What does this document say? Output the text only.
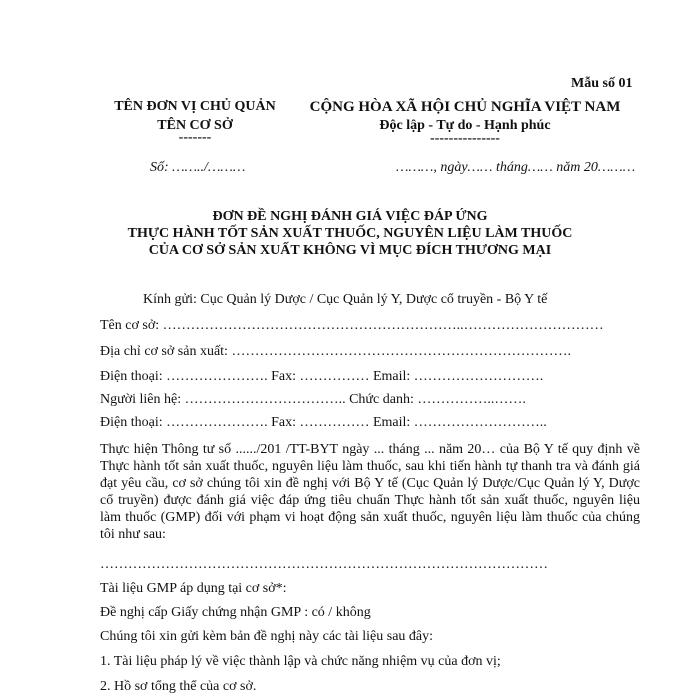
Mẫu số 01
TÊN ĐƠN VỊ CHỦ QUẢN
TÊN CƠ SỞ
-------
Số: ……../………
CỘNG HÒA XÃ HỘI CHỦ NGHĨA VIỆT NAM
Độc lập - Tự do - Hạnh phúc
---------------
………, ngày…… tháng…… năm 20………
ĐƠN ĐỀ NGHỊ ĐÁNH GIÁ VIỆC ĐÁP ỨNG
THỰC HÀNH TỐT SẢN XUẤT THUỐC, NGUYÊN LIỆU LÀM THUỐC
CỦA CƠ SỞ SẢN XUẤT KHÔNG VÌ MỤC ĐÍCH THƯƠNG MẠI
Kính gửi: Cục Quản lý Dược / Cục Quản lý Y, Dược cổ truyền - Bộ Y tế
Tên cơ sở: ………………………………………………………..…………………………
Địa chỉ cơ sở sản xuất: ……………………………………………………………….
Điện thoại: …………………. Fax: …………… Email: ……………………….
Người liên hệ: …………………………….. Chức danh: ……………..…….
Điện thoại: …………………. Fax: …………… Email: ………………………..
Thực hiện Thông tư số ....../201 /TT-BYT ngày ... tháng ... năm 20… của Bộ Y tế quy định về Thực hành tốt sản xuất thuốc, nguyên liệu làm thuốc, sau khi tiến hành tự thanh tra và đánh giá đạt yêu cầu, cơ sở chúng tôi xin đề nghị với Bộ Y tế (Cục Quản lý Dược/Cục Quản lý Y, Dược cổ truyền) được đánh giá việc đáp ứng tiêu chuẩn Thực hành tốt sản xuất thuốc, nguyên liệu làm thuốc (GMP) đối với phạm vi hoạt động sản xuất thuốc, nguyên liệu làm thuốc của chúng tôi như sau:
……………………………………………………………………………………
Tài liệu GMP áp dụng tại cơ sở*:
Đề nghị cấp Giấy chứng nhận GMP : có / không
Chúng tôi xin gửi kèm bản đề nghị này các tài liệu sau đây:
1. Tài liệu pháp lý về việc thành lập và chức năng nhiệm vụ của đơn vị;
2. Hồ sơ tổng thể của cơ sở.
